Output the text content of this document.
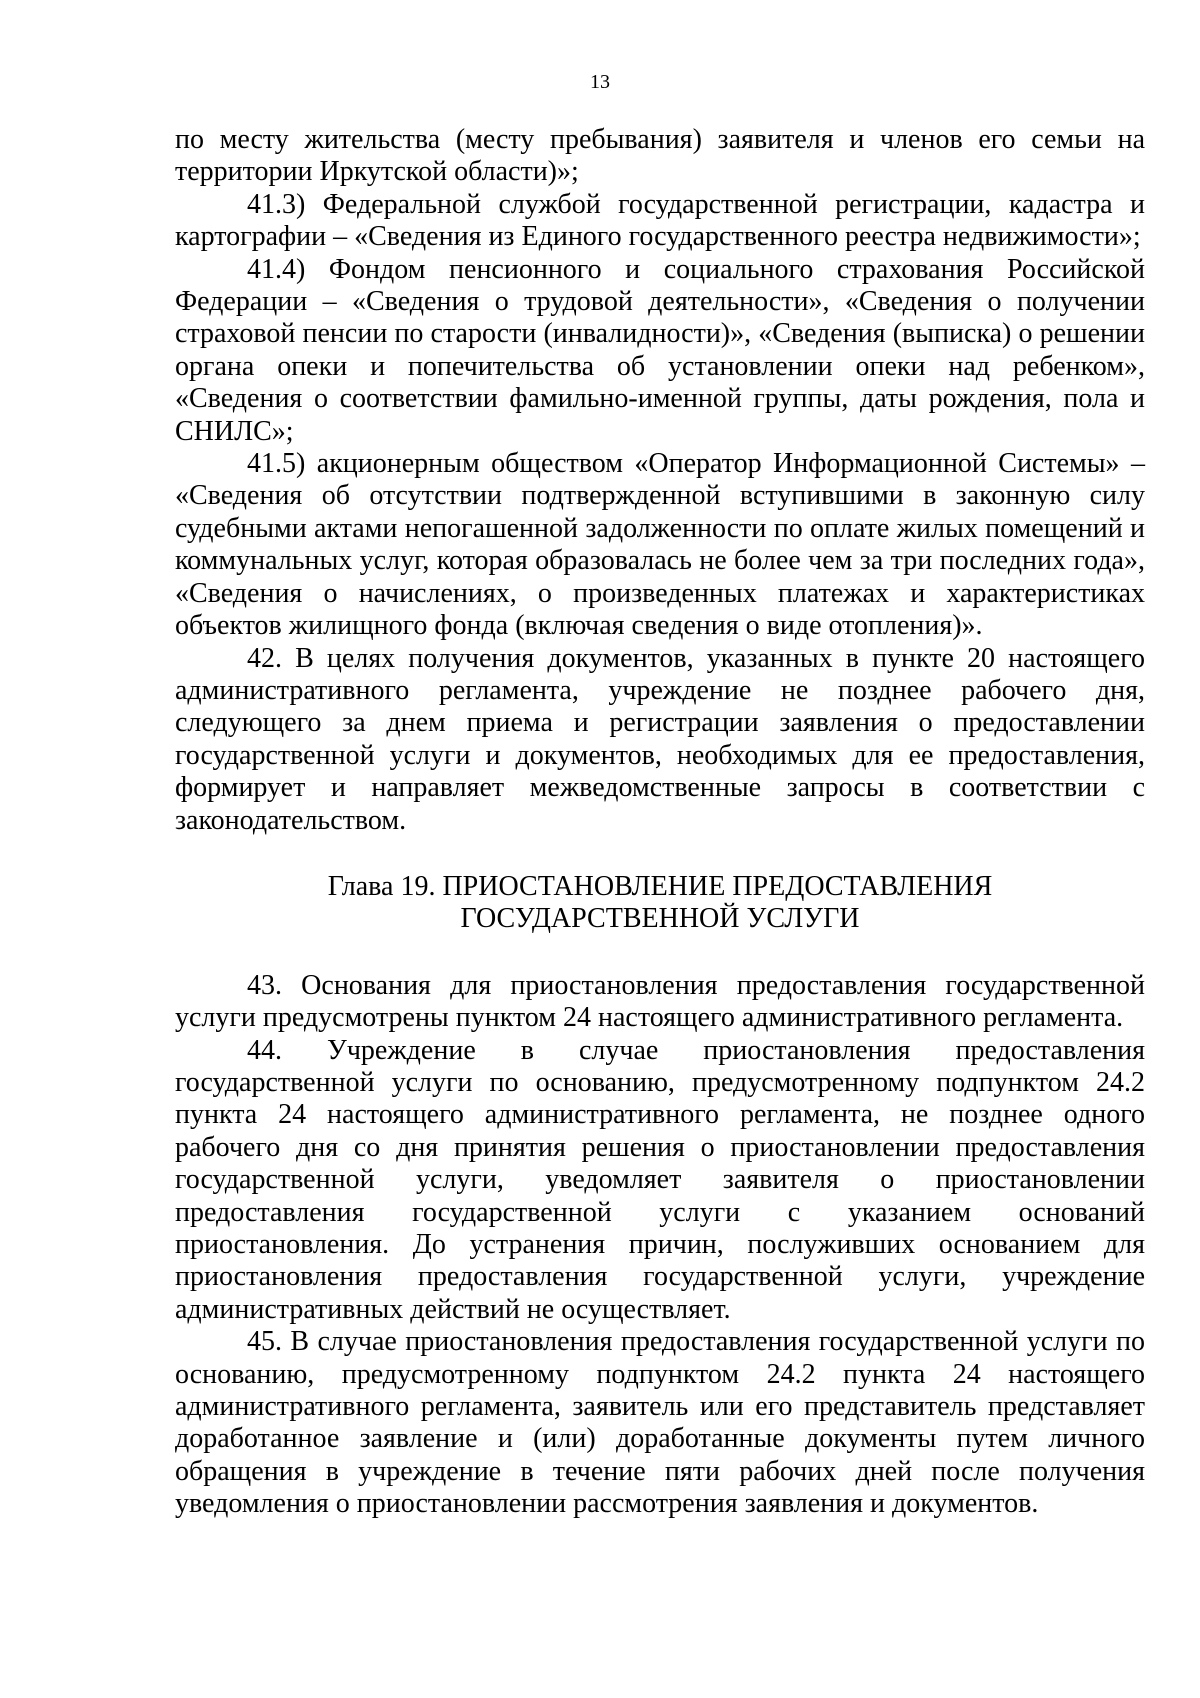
13

по месту жительства (месту пребывания) заявителя и членов его семьи на территории Иркутской области)»;

41.3) Федеральной службой государственной регистрации, кадастра и картографии – «Сведения из Единого государственного реестра недвижимости»;

41.4) Фондом пенсионного и социального страхования Российской Федерации – «Сведения о трудовой деятельности», «Сведения о получении страховой пенсии по старости (инвалидности)», «Сведения (выписка) о решении органа опеки и попечительства об установлении опеки над ребенком», «Сведения о соответствии фамильно-именной группы, даты рождения, пола и СНИЛС»;

41.5) акционерным обществом «Оператор Информационной Системы» – «Сведения об отсутствии подтвержденной вступившими в законную силу судебными актами непогашенной задолженности по оплате жилых помещений и коммунальных услуг, которая образовалась не более чем за три последних года», «Сведения о начислениях, о произведенных платежах и характеристиках объектов жилищного фонда (включая сведения о виде отопления)».

42. В целях получения документов, указанных в пункте 20 настоящего административного регламента, учреждение не позднее рабочего дня, следующего за днем приема и регистрации заявления о предоставлении государственной услуги и документов, необходимых для ее предоставления, формирует и направляет межведомственные запросы в соответствии с законодательством.

Глава 19. ПРИОСТАНОВЛЕНИЕ ПРЕДОСТАВЛЕНИЯ
ГОСУДАРСТВЕННОЙ УСЛУГИ

43. Основания для приостановления предоставления государственной услуги предусмотрены пунктом 24 настоящего административного регламента.

44. Учреждение в случае приостановления предоставления государственной услуги по основанию, предусмотренному подпунктом 24.2 пункта 24 настоящего административного регламента, не позднее одного рабочего дня со дня принятия решения о приостановлении предоставления государственной услуги, уведомляет заявителя о приостановлении предоставления государственной услуги с указанием оснований приостановления. До устранения причин, послуживших основанием для приостановления предоставления государственной услуги, учреждение административных действий не осуществляет.

45. В случае приостановления предоставления государственной услуги по основанию, предусмотренному подпунктом 24.2 пункта 24 настоящего административного регламента, заявитель или его представитель представляет доработанное заявление и (или) доработанные документы путем личного обращения в учреждение в течение пяти рабочих дней после получения уведомления о приостановлении рассмотрения заявления и документов.
